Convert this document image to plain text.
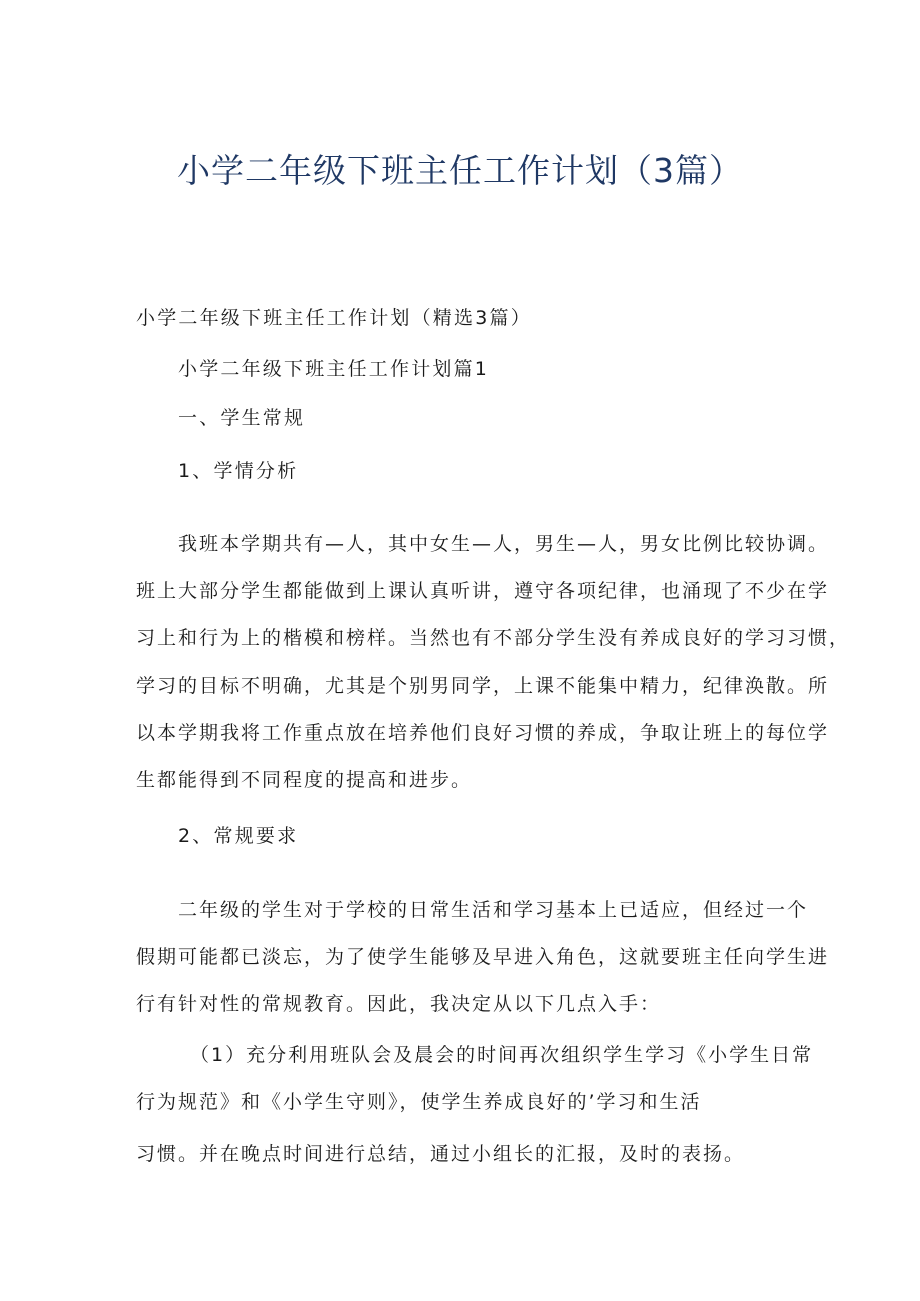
小学二年级下班主任工作计划（3篇）
小学二年级下班主任工作计划（精选3篇）
小学二年级下班主任工作计划篇1
一、学生常规
1、学情分析
我班本学期共有—人，其中女生—人，男生—人，男女比例比较协调。
班上大部分学生都能做到上课认真听讲，遵守各项纪律，也涌现了不少在学
习上和行为上的楷模和榜样。当然也有不部分学生没有养成良好的学习习惯，
学习的目标不明确，尤其是个别男同学，上课不能集中精力，纪律涣散。所
以本学期我将工作重点放在培养他们良好习惯的养成，争取让班上的每位学
生都能得到不同程度的提高和进步。
2、常规要求
二年级的学生对于学校的日常生活和学习基本上已适应，但经过一个
假期可能都已淡忘，为了使学生能够及早进入角色，这就要班主任向学生进
行有针对性的常规教育。因此，我决定从以下几点入手：
（1）充分利用班队会及晨会的时间再次组织学生学习《小学生日常
行为规范》和《小学生守则》，使学生养成良好的’学习和生活
习惯。并在晚点时间进行总结，通过小组长的汇报，及时的表扬。
